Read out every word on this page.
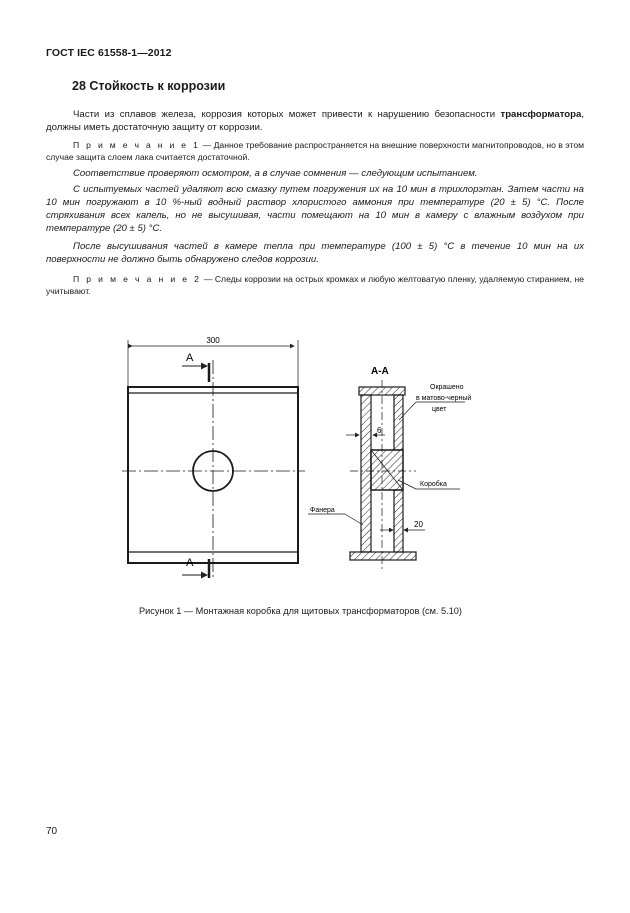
ГОСТ IEC 61558-1—2012
28 Стойкость к коррозии
Части из сплавов железа, коррозия которых может привести к нарушению безопасности трансформатора, должны иметь достаточную защиту от коррозии.
П р и м е ч а н и е 1 — Данное требование распространяется на внешние поверхности магнитопроводов, но в этом случае защита слоем лака считается достаточной.
Соответствие проверяют осмотром, а в случае сомнения — следующим испытанием.
С испытуемых частей удаляют всю смазку путем погружения их на 10 мин в трихлорэтан. Затем части на 10 мин погружают в 10 %-ный водный раствор хлористого аммония при температуре (20 ± 5) °С. После стряхивания всех капель, но не высушивая, части помещают на 10 мин в камеру с влажным воздухом при температуре (20 ± 5) °С.
После высушивания частей в камере тепла при температуре (100 ± 5) °С в течение 10 мин на их поверхности не должно быть обнаружено следов коррозии.
П р и м е ч а н и е 2 — Следы коррозии на острых кромках и любую желтоватую пленку, удаляемую стиранием, не учитывают.
300
A
A
А-А
6
20
Окрашено
в матово-черный
цвет
Коробка
Фанера
Рисунок 1 — Монтажная коробка для щитовых трансформаторов (см. 5.10)
70
